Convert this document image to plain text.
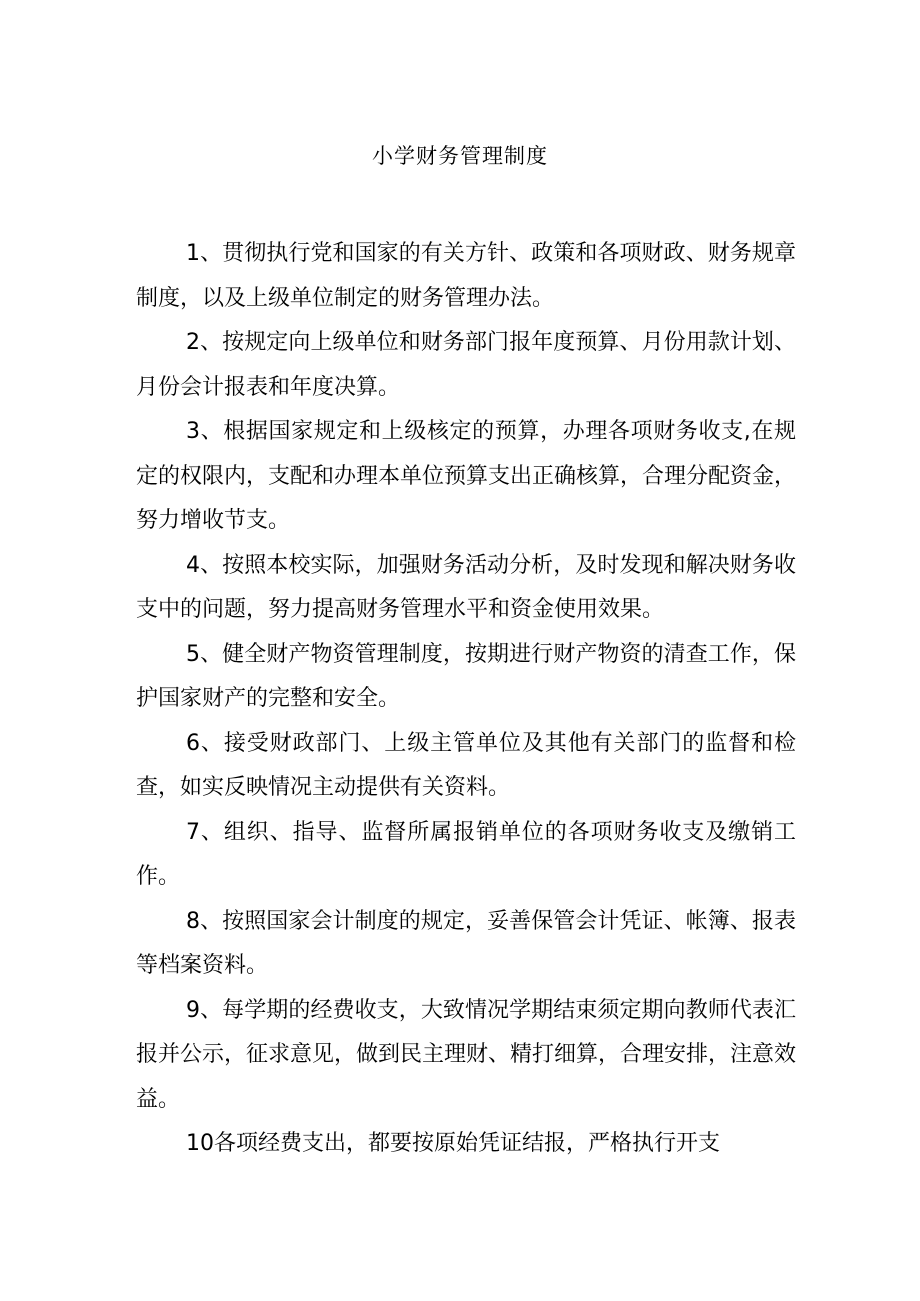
小学财务管理制度

1、贯彻执行党和国家的有关方针、政策和各项财政、财务规章制度，以及上级单位制定的财务管理办法。

2、按规定向上级单位和财务部门报年度预算、月份用款计划、月份会计报表和年度决算。

3、根据国家规定和上级核定的预算，办理各项财务收支,在规定的权限内，支配和办理本单位预算支出正确核算，合理分配资金，努力增收节支。

4、按照本校实际，加强财务活动分析，及时发现和解决财务收支中的问题，努力提高财务管理水平和资金使用效果。

5、健全财产物资管理制度，按期进行财产物资的清查工作，保护国家财产的完整和安全。

6、接受财政部门、上级主管单位及其他有关部门的监督和检查，如实反映情况主动提供有关资料。

7、组织、指导、监督所属报销单位的各项财务收支及缴销工作。

8、按照国家会计制度的规定，妥善保管会计凭证、帐簿、报表等档案资料。

9、每学期的经费收支，大致情况学期结束须定期向教师代表汇报并公示，征求意见，做到民主理财、精打细算，合理安排，注意效益。

10各项经费支出，都要按原始凭证结报，严格执行开支
